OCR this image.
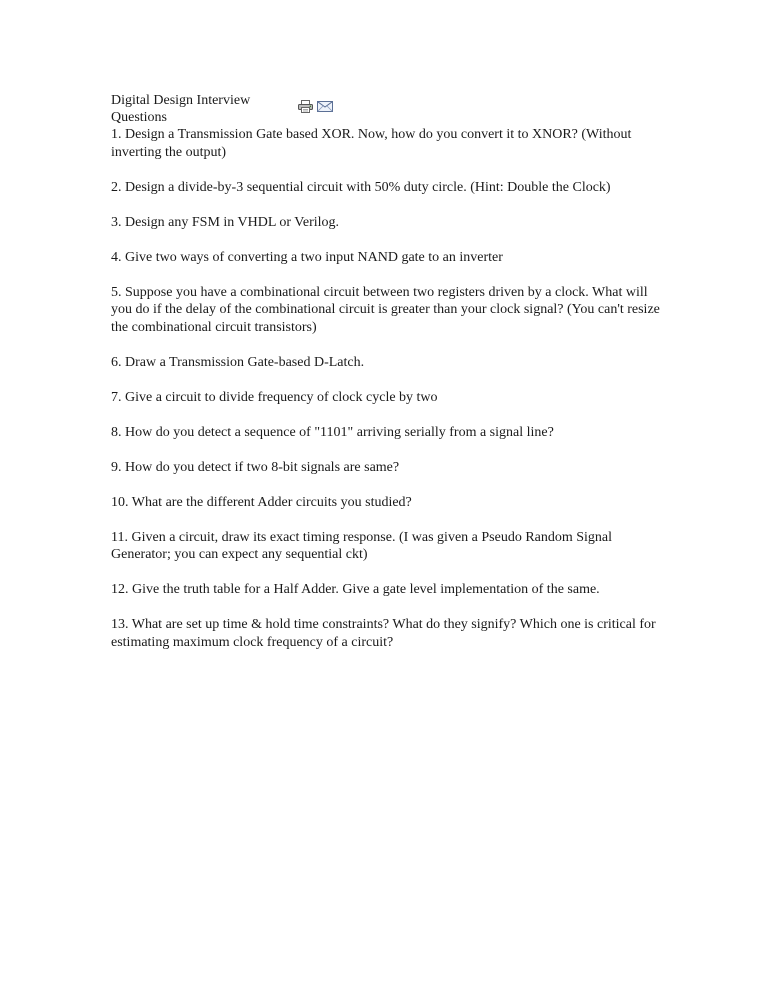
Digital Design Interview Questions

1. Design a Transmission Gate based XOR. Now, how do you convert it to XNOR? (Without inverting the output)

2. Design a divide-by-3 sequential circuit with 50% duty circle. (Hint: Double the Clock)

3. Design any FSM in VHDL or Verilog.

4. Give two ways of converting a two input NAND gate to an inverter

5. Suppose you have a combinational circuit between two registers driven by a clock. What will you do if the delay of the combinational circuit is greater than your clock signal? (You can't resize the combinational circuit transistors)

6. Draw a Transmission Gate-based D-Latch.

7. Give a circuit to divide frequency of clock cycle by two

8. How do you detect a sequence of "1101" arriving serially from a signal line?

9. How do you detect if two 8-bit signals are same?

10. What are the different Adder circuits you studied?

11. Given a circuit, draw its exact timing response. (I was given a Pseudo Random Signal Generator; you can expect any sequential ckt)

12. Give the truth table for a Half Adder. Give a gate level implementation of the same.

13. What are set up time & hold time constraints? What do they signify? Which one is critical for estimating maximum clock frequency of a circuit?
